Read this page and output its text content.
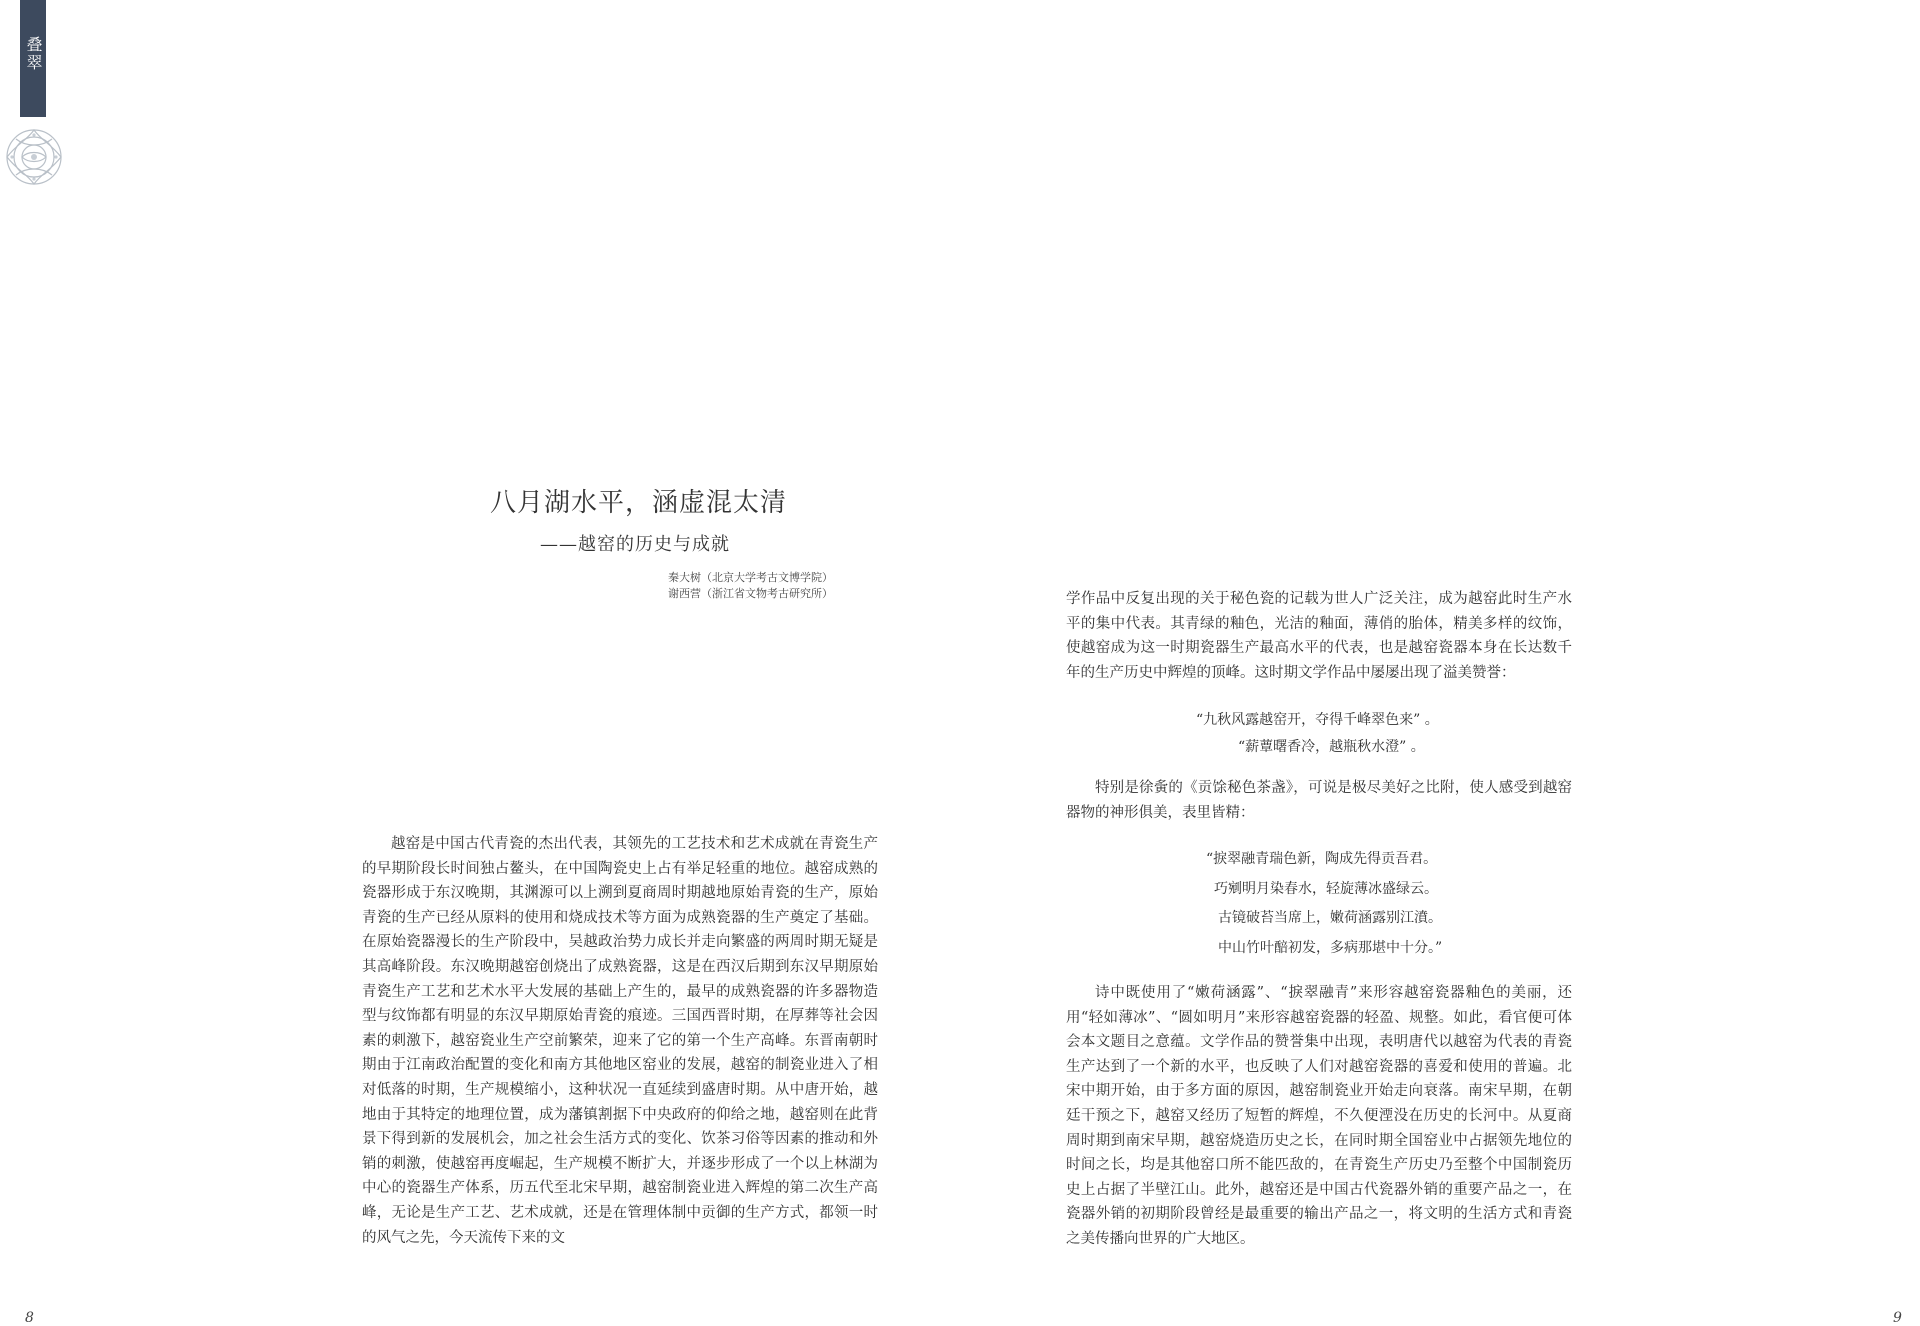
叠翠
八月湖水平，涵虚混太清
——越窑的历史与成就
秦大树（北京大学考古文博学院）
谢西营（浙江省文物考古研究所）

越窑是中国古代青瓷的杰出代表，其领先的工艺技术和艺术成就在青瓷生产的早期阶段长时间独占鳌头，在中国陶瓷史上占有举足轻重的地位。越窑成熟的瓷器形成于东汉晚期，其渊源可以上溯到夏商周时期越地原始青瓷的生产，原始青瓷的生产已经从原料的使用和烧成技术等方面为成熟瓷器的生产奠定了基础。在原始瓷器漫长的生产阶段中，吴越政治势力成长并走向繁盛的两周时期无疑是其高峰阶段。东汉晚期越窑创烧出了成熟瓷器，这是在西汉后期到东汉早期原始青瓷生产工艺和艺术水平大发展的基础上产生的，最早的成熟瓷器的许多器物造型与纹饰都有明显的东汉早期原始青瓷的痕迹。三国西晋时期，在厚葬等社会因素的刺激下，越窑瓷业生产空前繁荣，迎来了它的第一个生产高峰。东晋南朝时期由于江南政治配置的变化和南方其他地区窑业的发展，越窑的制瓷业进入了相对低落的时期，生产规模缩小，这种状况一直延续到盛唐时期。从中唐开始，越地由于其特定的地理位置，成为藩镇割据下中央政府的仰给之地，越窑则在此背景下得到新的发展机会，加之社会生活方式的变化、饮茶习俗等因素的推动和外销的刺激，使越窑再度崛起，生产规模不断扩大，并逐步形成了一个以上林湖为中心的瓷器生产体系，历五代至北宋早期，越窑制瓷业进入辉煌的第二次生产高峰，无论是生产工艺、艺术成就，还是在管理体制中贡御的生产方式，都领一时的风气之先，今天流传下来的文

学作品中反复出现的关于秘色瓷的记载为世人广泛关注，成为越窑此时生产水平的集中代表。其青绿的釉色，光洁的釉面，薄俏的胎体，精美多样的纹饰，使越窑成为这一时期瓷器生产最高水平的代表，也是越窑瓷器本身在长达数千年的生产历史中辉煌的顶峰。这时期文学作品中屡屡出现了溢美赞誉：

“九秋风露越窑开，夺得千峰翠色来” 。
“薪蕈曙香冷，越瓶秋水澄” 。

特别是徐夤的《贡馀秘色茶盏》，可说是极尽美好之比附，使人感受到越窑器物的神形俱美，表里皆精：

“捩翠融青瑞色新，陶成先得贡吾君。
巧剜明月染春水，轻旋薄冰盛绿云。
古镜破苔当席上，嫩荷涵露别江濆。
中山竹叶醅初发，多病那堪中十分。”

诗中既使用了“嫩荷涵露”、“捩翠融青”来形容越窑瓷器釉色的美丽，还用“轻如薄冰”、“圆如明月”来形容越窑瓷器的轻盈、规整。如此，看官便可体会本文题目之意蕴。文学作品的赞誉集中出现，表明唐代以越窑为代表的青瓷生产达到了一个新的水平，也反映了人们对越窑瓷器的喜爱和使用的普遍。北宋中期开始，由于多方面的原因，越窑制瓷业开始走向衰落。南宋早期，在朝廷干预之下，越窑又经历了短暂的辉煌，不久便湮没在历史的长河中。从夏商周时期到南宋早期，越窑烧造历史之长，在同时期全国窑业中占据领先地位的时间之长，均是其他窑口所不能匹敌的，在青瓷生产历史乃至整个中国制瓷历史上占据了半壁江山。此外，越窑还是中国古代瓷器外销的重要产品之一，在瓷器外销的初期阶段曾经是最重要的输出产品之一，将文明的生活方式和青瓷之美传播向世界的广大地区。

8	9
